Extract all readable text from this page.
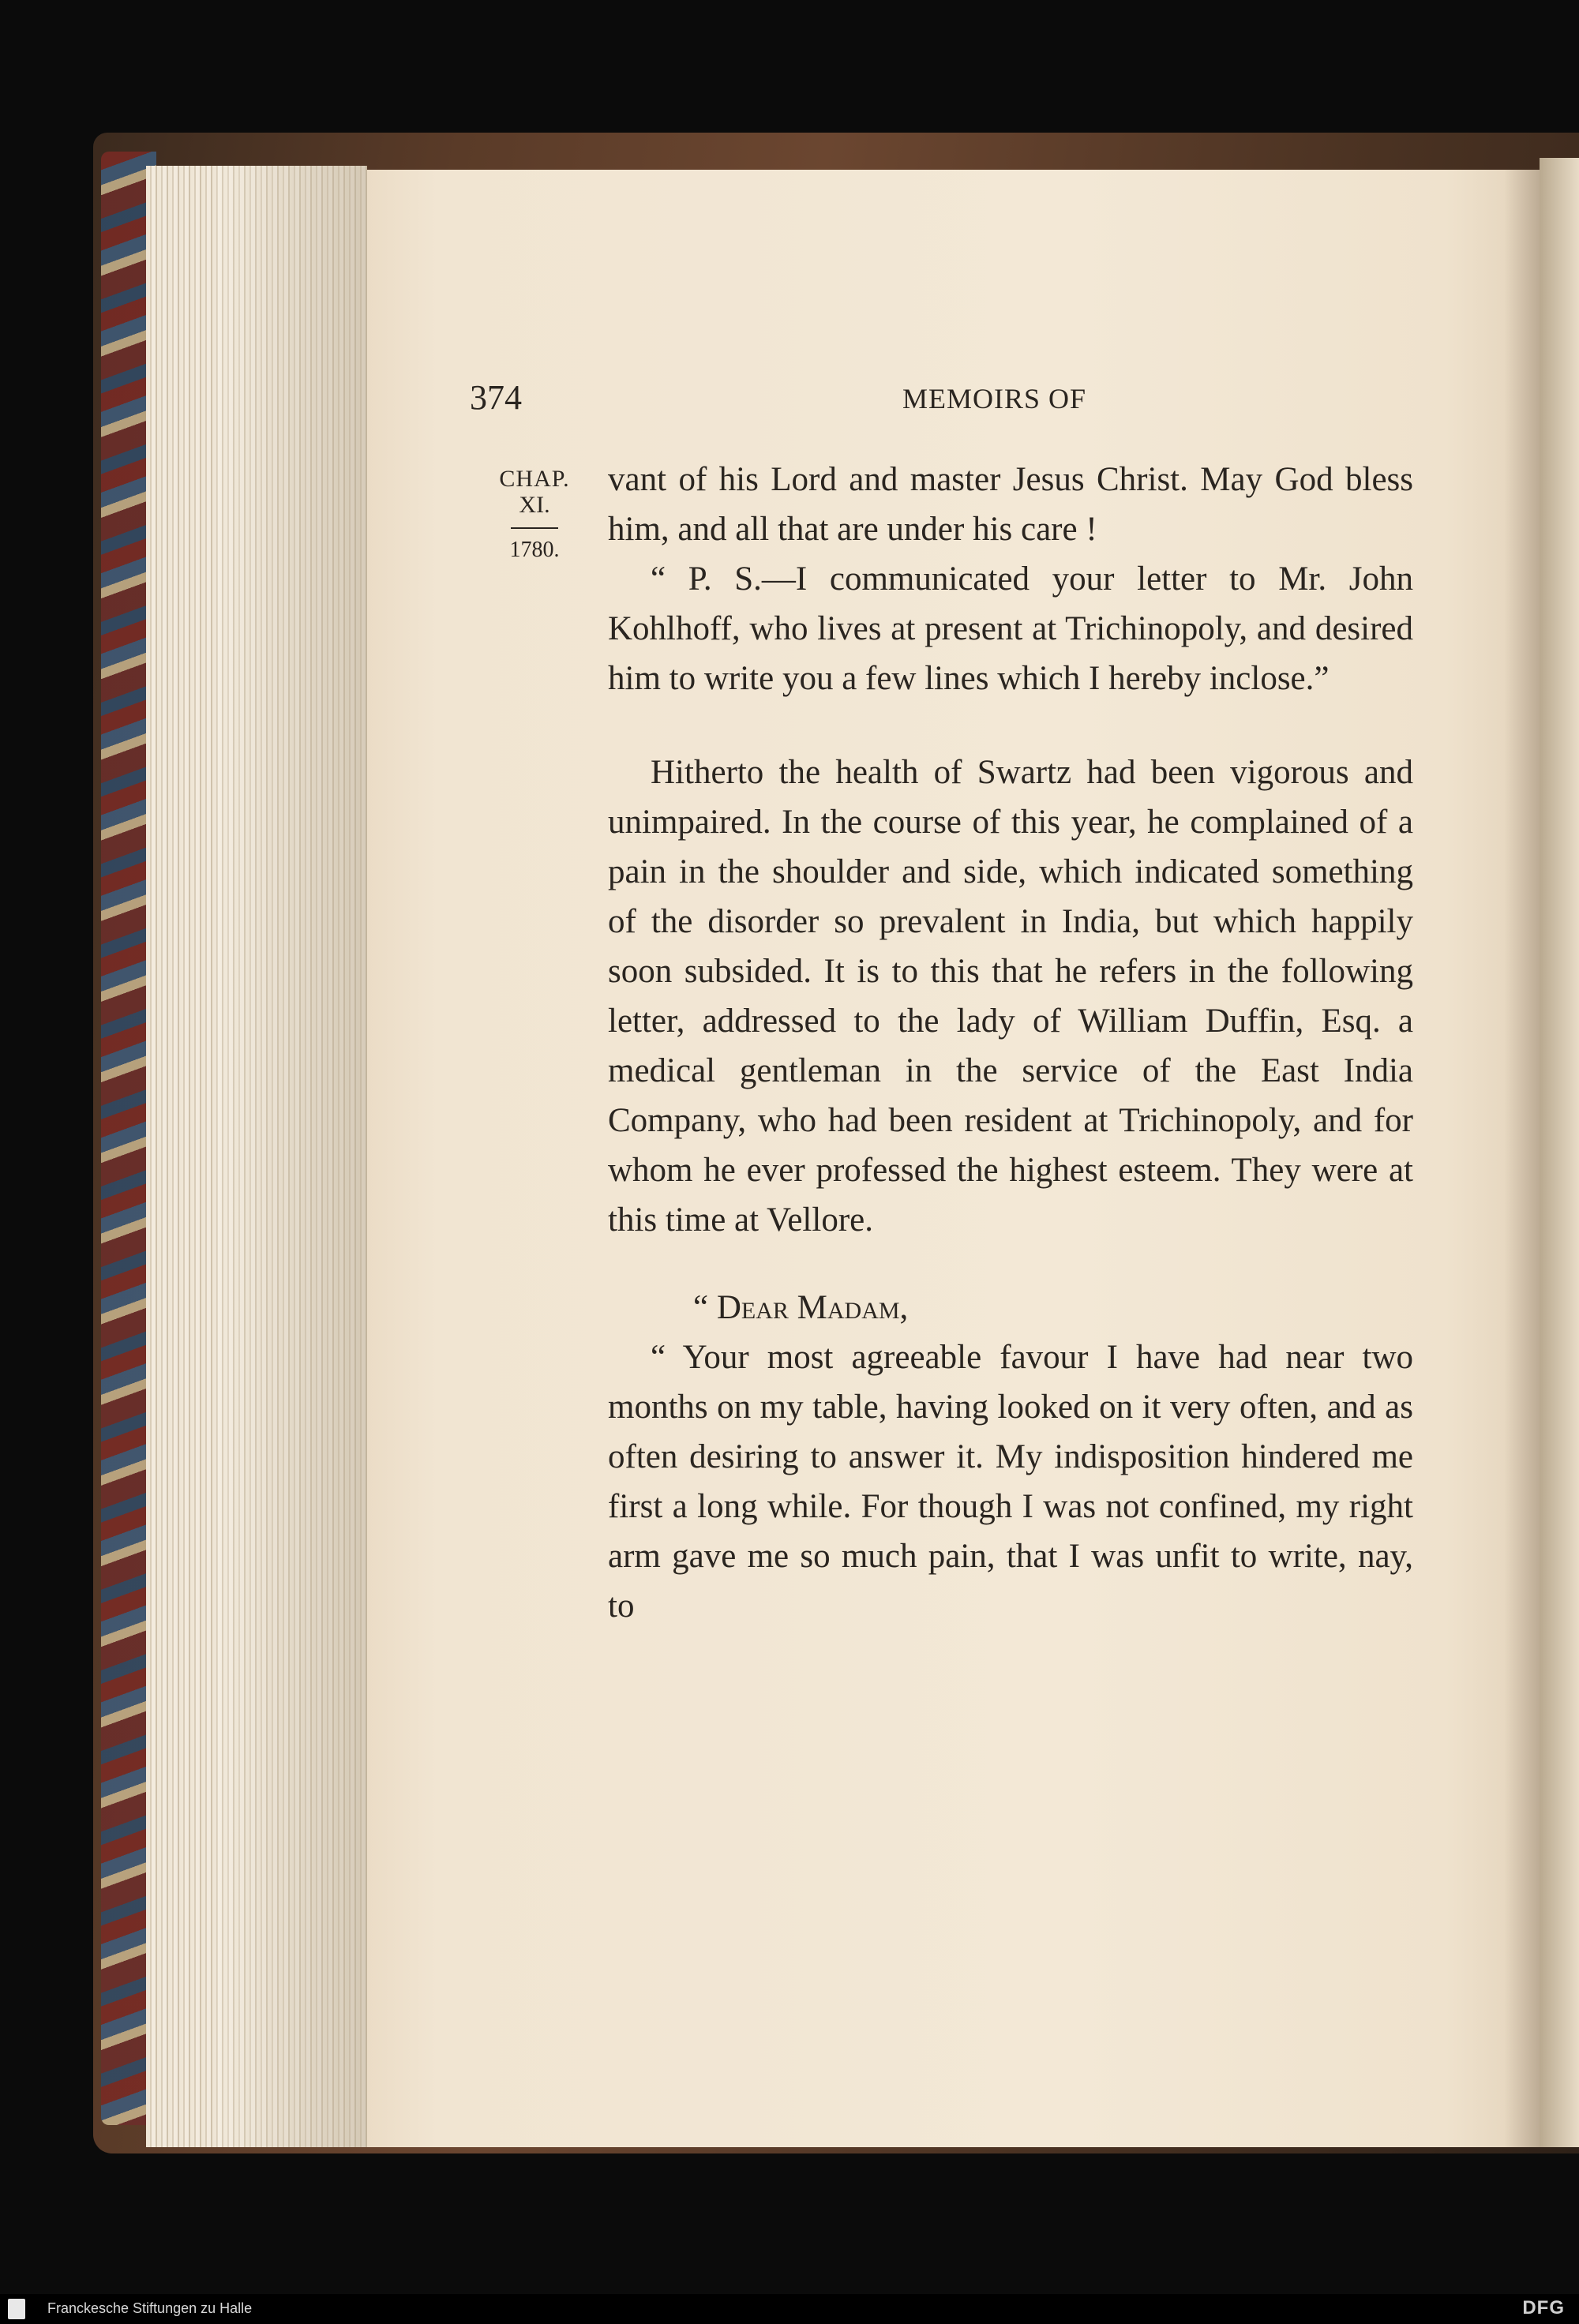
374	MEMOIRS OF
CHAP.
XI.
1780.

vant of his Lord and master Jesus Christ. May God bless him, and all that are under his care !

“ P. S.—I communicated your letter to Mr. John Kohlhoff, who lives at present at Trichinopoly, and desired him to write you a few lines which I hereby inclose.”

Hitherto the health of Swartz had been vigorous and unimpaired. In the course of this year, he complained of a pain in the shoulder and side, which indicated something of the disorder so prevalent in India, but which happily soon subsided. It is to this that he refers in the following letter, addressed to the lady of William Duffin, Esq. a medical gentleman in the service of the East India Company, who had been resident at Trichinopoly, and for whom he ever professed the highest esteem. They were at this time at Vellore.

“ Dear Madam,

“ Your most agreeable favour I have had near two months on my table, having looked on it very often, and as often desiring to answer it. My indisposition hindered me first a long while. For though I was not confined, my right arm gave me so much pain, that I was unfit to write, nay, to

Franckesche Stiftungen zu Halle	DFG
